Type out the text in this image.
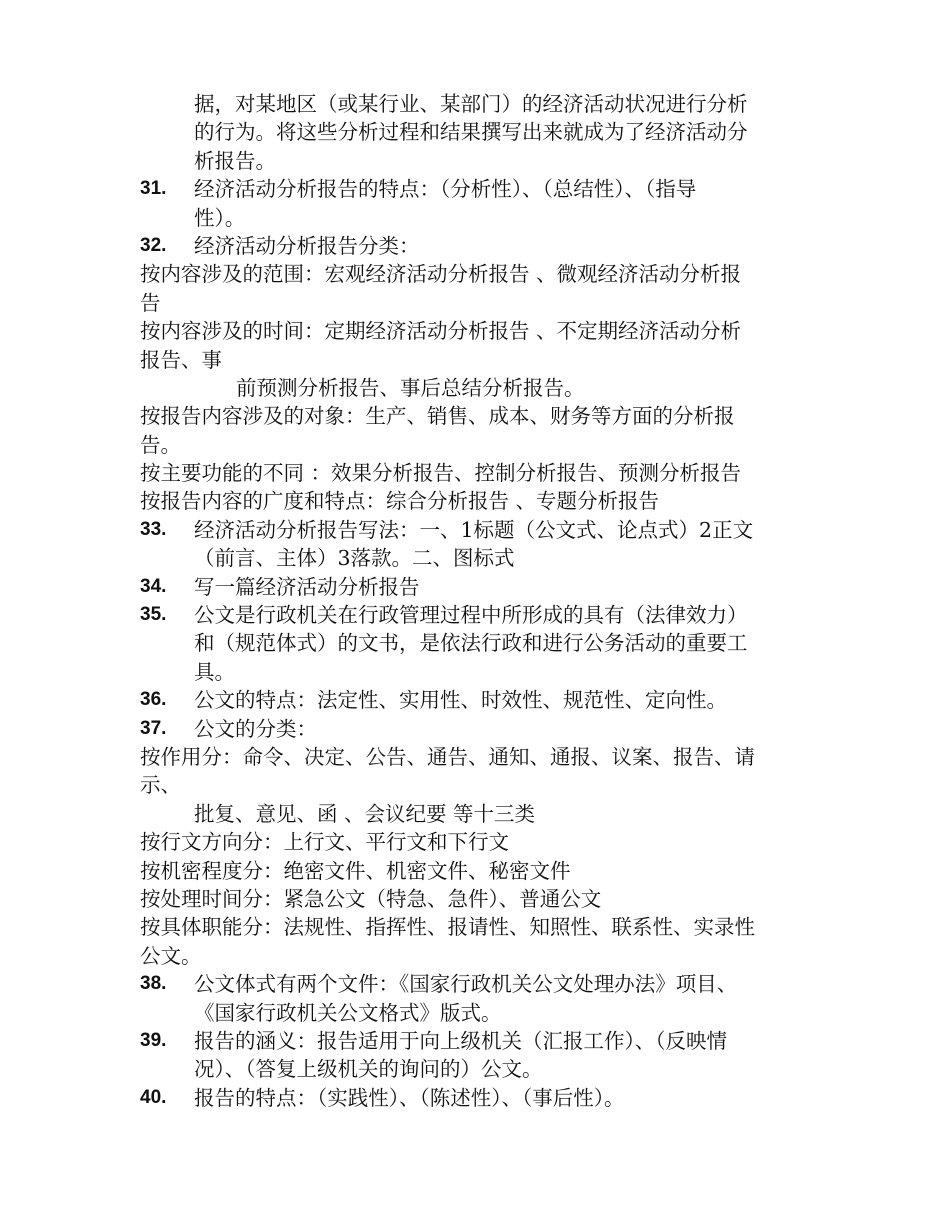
据，对某地区（或某行业、某部门）的经济活动状况进行分析
的行为。将这些分析过程和结果撰写出来就成为了经济活动分
析报告。
31. 经济活动分析报告的特点：（分析性）、（总结性）、（指导
性）。
32. 经济活动分析报告分类：
按内容涉及的范围：宏观经济活动分析报告 、微观经济活动分析报
告
按内容涉及的时间：定期经济活动分析报告 、不定期经济活动分析
报告、事
前预测分析报告、事后总结分析报告。
按报告内容涉及的对象：生产、销售、成本、财务等方面的分析报
告。
按主要功能的不同 ：效果分析报告、控制分析报告、预测分析报告
按报告内容的广度和特点：综合分析报告 、专题分析报告
33. 经济活动分析报告写法：一、1标题（公文式、论点式）2正文
（前言、主体）3落款。二、图标式
34. 写一篇经济活动分析报告
35. 公文是行政机关在行政管理过程中所形成的具有（法律效力）
和（规范体式）的文书，是依法行政和进行公务活动的重要工
具。
36. 公文的特点：法定性、实用性、时效性、规范性、定向性。
37. 公文的分类：
按作用分：命令、决定、公告、通告、通知、通报、议案、报告、请
示、
批复、意见、函 、会议纪要 等十三类
按行文方向分：上行文、平行文和下行文
按机密程度分：绝密文件、机密文件、秘密文件
按处理时间分：紧急公文（特急、急件）、普通公文
按具体职能分：法规性、指挥性、报请性、知照性、联系性、实录性
公文。
38. 公文体式有两个文件：《国家行政机关公文处理办法》项目、
《国家行政机关公文格式》版式。
39. 报告的涵义：报告适用于向上级机关（汇报工作）、（反映情
况）、（答复上级机关的询问的）公文。
40. 报告的特点：（实践性）、（陈述性）、（事后性）。
